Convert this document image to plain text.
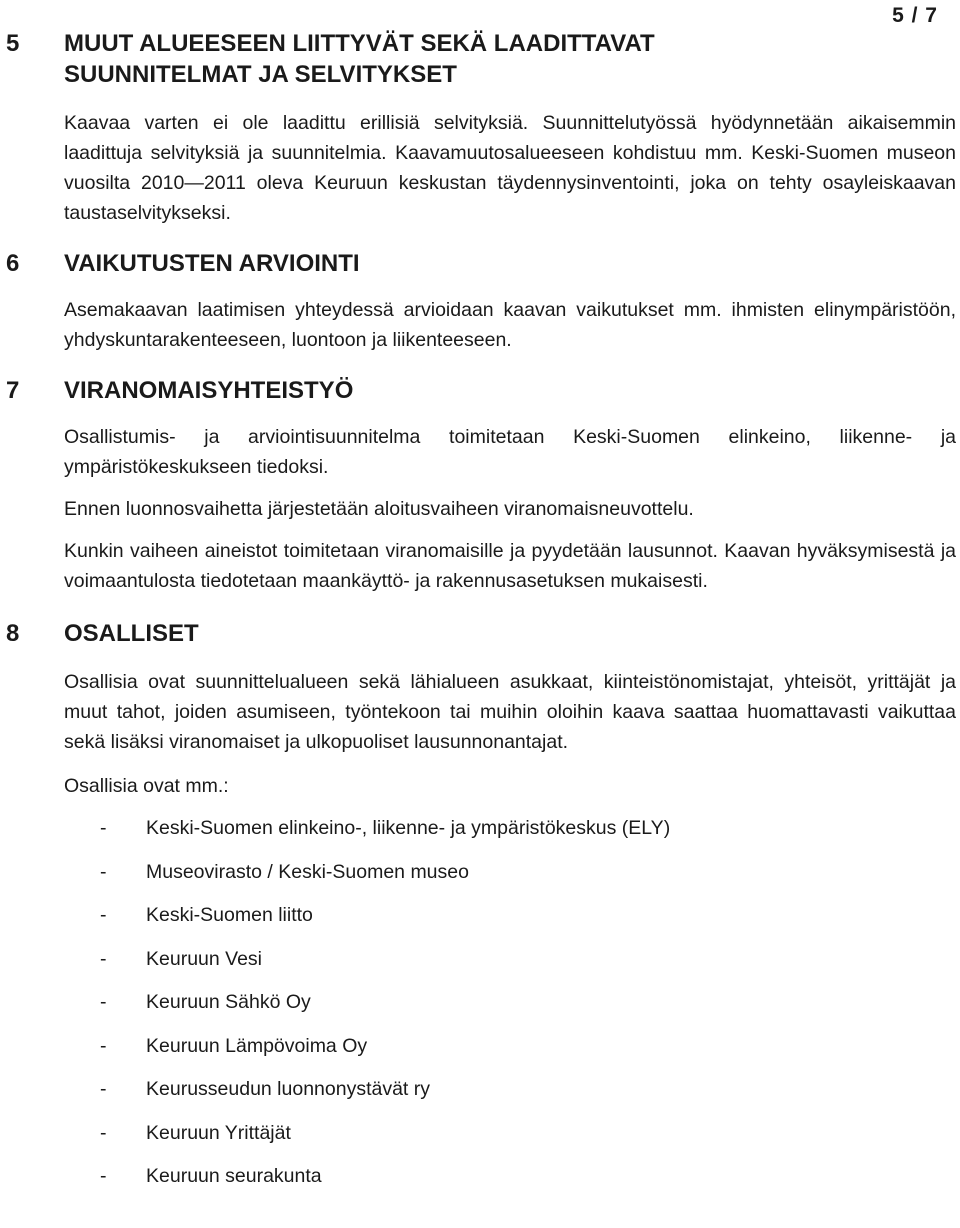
5 / 7
5	MUUT ALUEESEEN LIITTYVÄT SEKÄ LAADITTAVAT SUUNNITELMAT JA SELVITYKSET

Kaavaa varten ei ole laadittu erillisiä selvityksiä. Suunnittelutyössä hyödynnetään aikaisemmin laadittuja selvityksiä ja suunnitelmia. Kaavamuutosalueeseen kohdistuu mm. Keski-Suomen museon vuosilta 2010—2011 oleva Keuruun keskustan täydennysinventointi, joka on tehty osayleiskaavan taustaselvitykseksi.

6	VAIKUTUSTEN ARVIOINTI

Asemakaavan laatimisen yhteydessä arvioidaan kaavan vaikutukset mm. ihmisten elinympäristöön, yhdyskuntarakenteeseen, luontoon ja liikenteeseen.

7	VIRANOMAISYHTEISTYÖ

Osallistumis- ja arviointisuunnitelma toimitetaan Keski-Suomen elinkeino, liikenne- ja ympäristökeskukseen tiedoksi.

Ennen luonnosvaihetta järjestetään aloitusvaiheen viranomaisneuvottelu.

Kunkin vaiheen aineistot toimitetaan viranomaisille ja pyydetään lausunnot. Kaavan hyväksymisestä ja voimaantulosta tiedotetaan maankäyttö- ja rakennusasetuksen mukaisesti.

8	OSALLISET

Osallisia ovat suunnittelualueen sekä lähialueen asukkaat, kiinteistönomistajat, yhteisöt, yrittäjät ja muut tahot, joiden asumiseen, työntekoon tai muihin oloihin kaava saattaa huomattavasti vaikuttaa sekä lisäksi viranomaiset ja ulkopuoliset lausunnonantajat.

Osallisia ovat mm.:

-	Keski-Suomen elinkeino-, liikenne- ja ympäristökeskus (ELY)
-	Museovirasto / Keski-Suomen museo
-	Keski-Suomen liitto
-	Keuruun Vesi
-	Keuruun Sähkö Oy
-	Keuruun Lämpövoima Oy
-	Keurusseudun luonnonystävät ry
-	Keuruun Yrittäjät
-	Keuruun seurakunta
